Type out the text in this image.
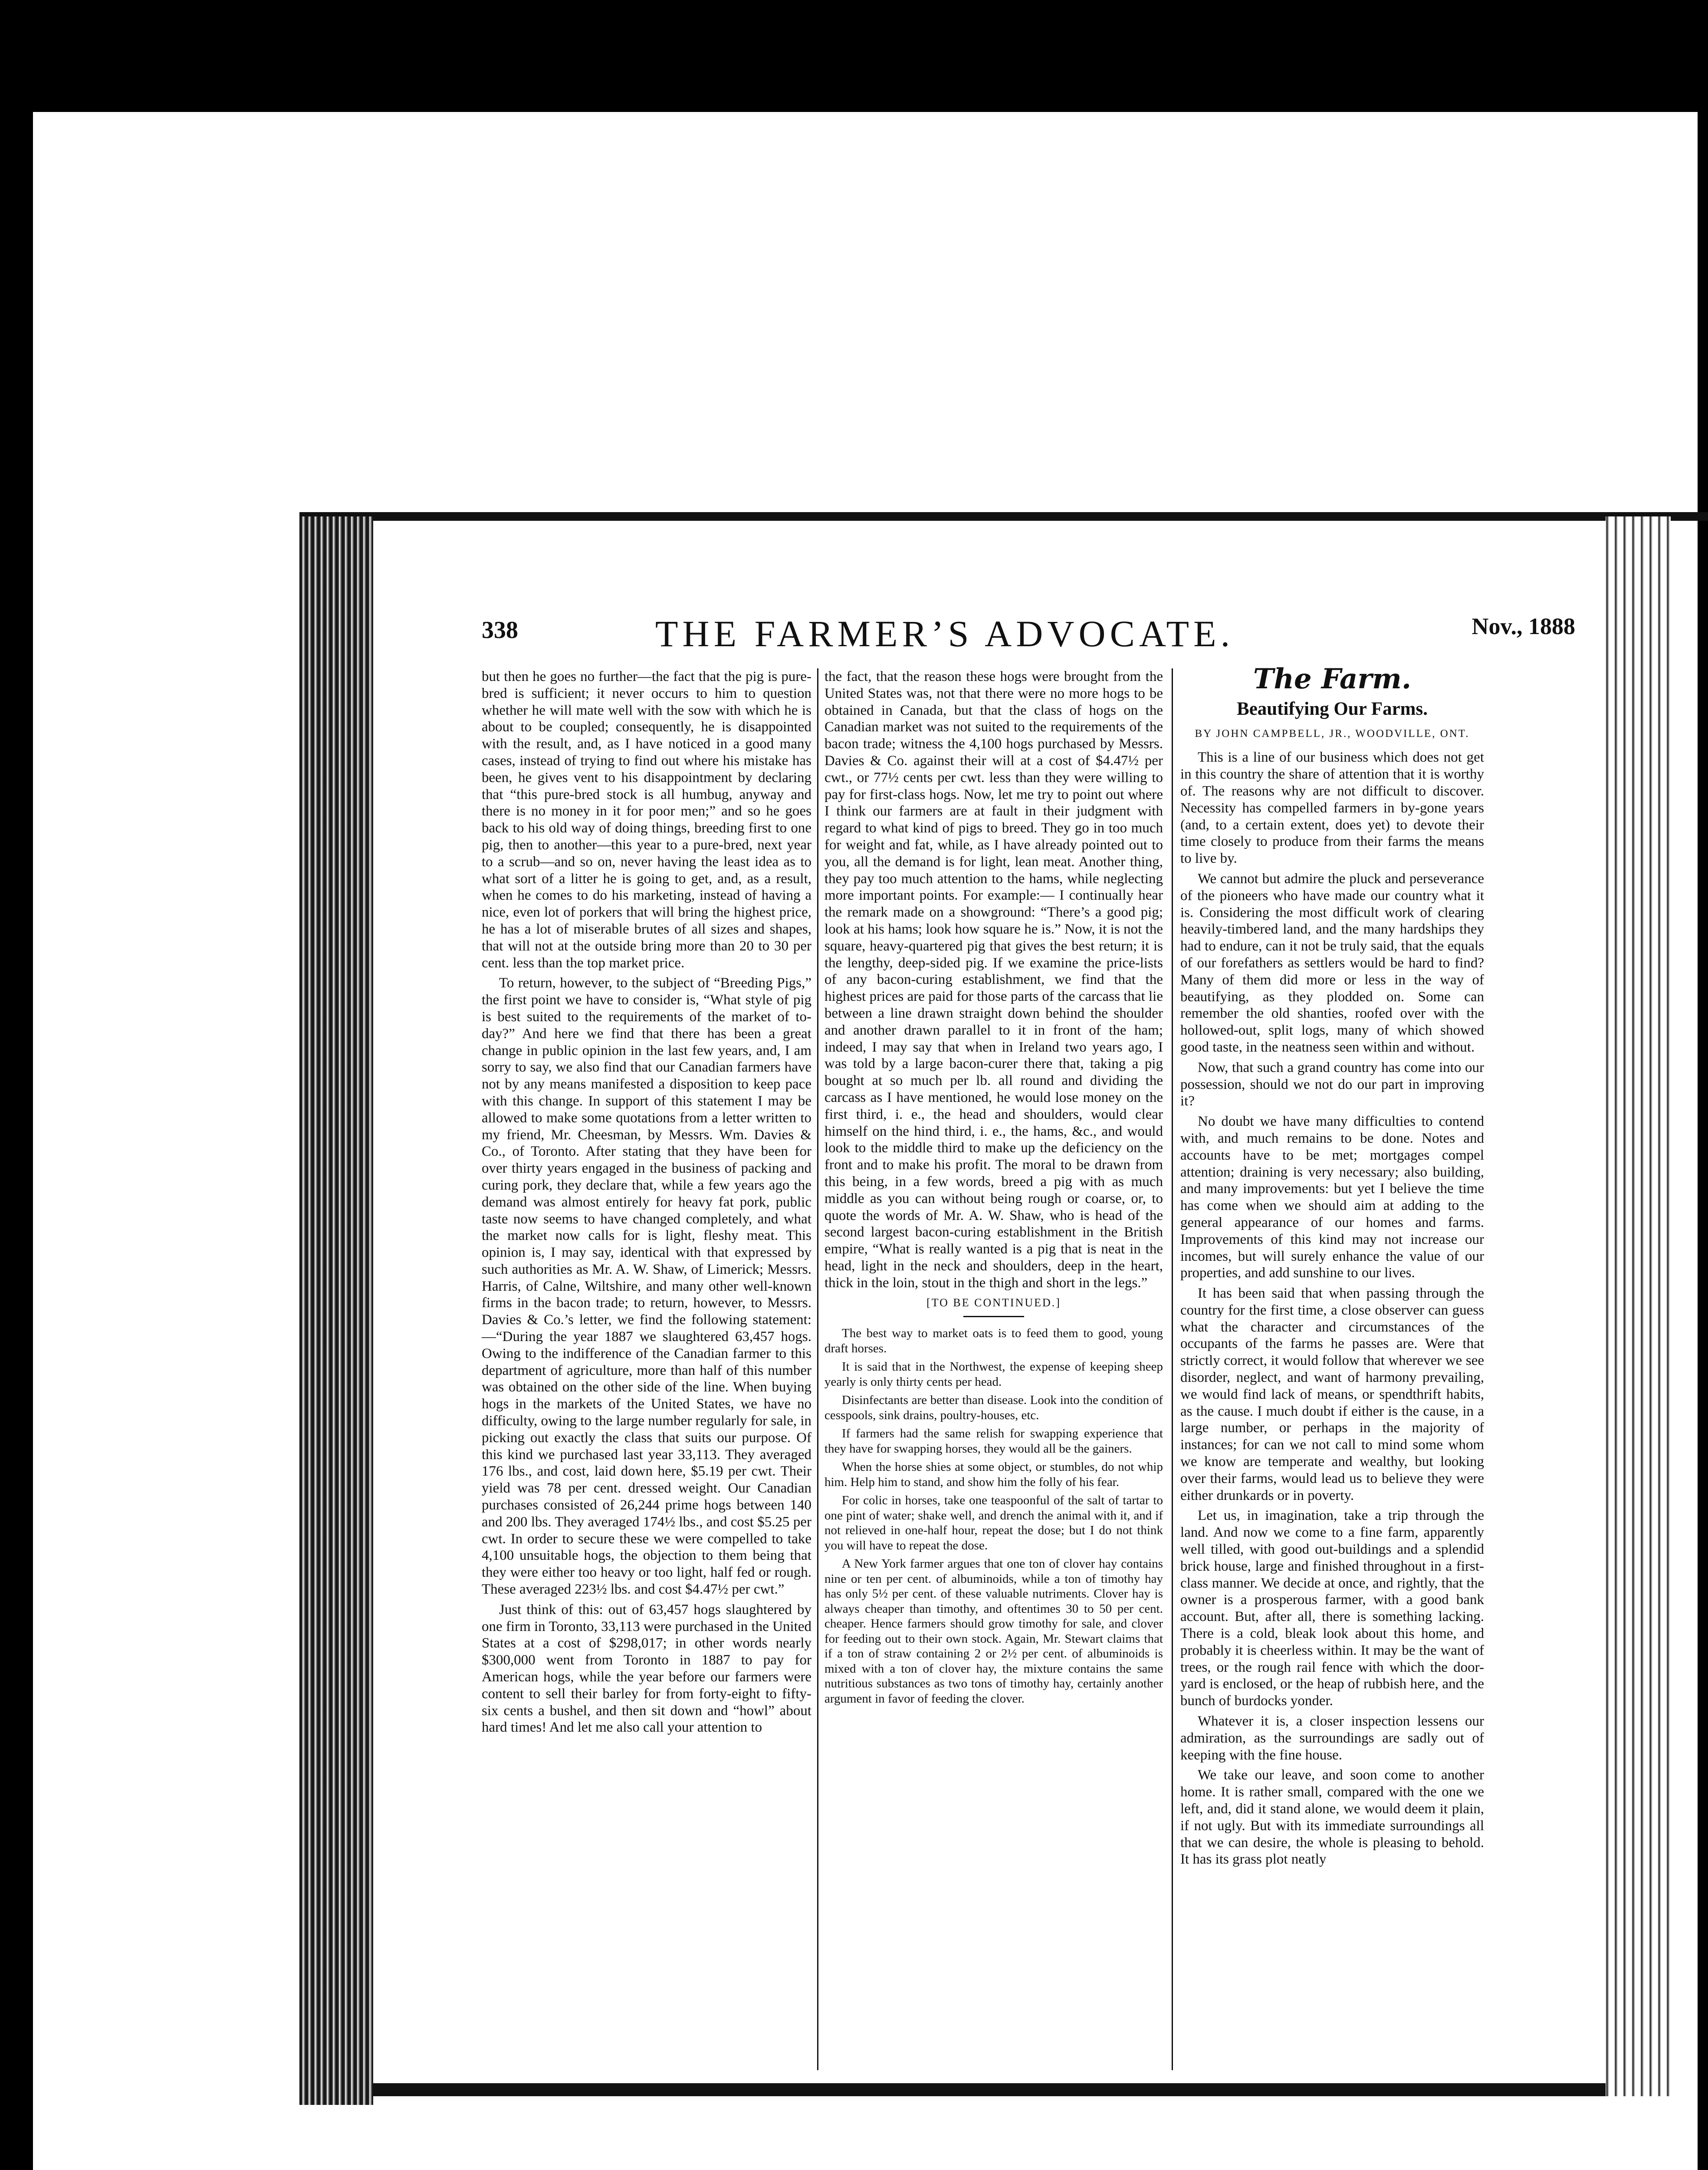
338	THE FARMER’S ADVOCATE.	Nov., 1888

but then he goes no further—the fact that the pig is pure-bred is sufficient; it never occurs to him to question whether he will mate well with the sow with which he is about to be coupled; consequently, he is disappointed with the result, and, as I have noticed in a good many cases, instead of trying to find out where his mistake has been, he gives vent to his disappointment by declaring that “this pure-bred stock is all humbug, anyway and there is no money in it for poor men;” and so he goes back to his old way of doing things, breeding first to one pig, then to another—this year to a pure-bred, next year to a scrub—and so on, never having the least idea as to what sort of a litter he is going to get, and, as a result, when he comes to do his marketing, instead of having a nice, even lot of porkers that will bring the highest price, he has a lot of miserable brutes of all sizes and shapes, that will not at the outside bring more than 20 to 30 per cent. less than the top market price.

To return, however, to the subject of “Breeding Pigs,” the first point we have to consider is, “What style of pig is best suited to the requirements of the market of to-day?” And here we find that there has been a great change in public opinion in the last few years, and, I am sorry to say, we also find that our Canadian farmers have not by any means manifested a disposition to keep pace with this change. In support of this statement I may be allowed to make some quotations from a letter written to my friend, Mr. Cheesman, by Messrs. Wm. Davies & Co., of Toronto. After stating that they have been for over thirty years engaged in the business of packing and curing pork, they declare that, while a few years ago the demand was almost entirely for heavy fat pork, public taste now seems to have changed completely, and what the market now calls for is light, fleshy meat. This opinion is, I may say, identical with that expressed by such authorities as Mr. A. W. Shaw, of Limerick; Messrs. Harris, of Calne, Wiltshire, and many other well-known firms in the bacon trade; to return, however, to Messrs. Davies & Co.’s letter, we find the following statement:—“During the year 1887 we slaughtered 63,457 hogs. Owing to the indifference of the Canadian farmer to this department of agriculture, more than half of this number was obtained on the other side of the line. When buying hogs in the markets of the United States, we have no difficulty, owing to the large number regularly for sale, in picking out exactly the class that suits our purpose. Of this kind we purchased last year 33,113. They averaged 176 lbs., and cost, laid down here, $5.19 per cwt. Their yield was 78 per cent. dressed weight. Our Canadian purchases consisted of 26,244 prime hogs between 140 and 200 lbs. They averaged 174½ lbs., and cost $5.25 per cwt. In order to secure these we were compelled to take 4,100 unsuitable hogs, the objection to them being that they were either too heavy or too light, half fed or rough. These averaged 223½ lbs. and cost $4.47½ per cwt.”

Just think of this: out of 63,457 hogs slaughtered by one firm in Toronto, 33,113 were purchased in the United States at a cost of $298,017; in other words nearly $300,000 went from Toronto in 1887 to pay for American hogs, while the year before our farmers were content to sell their barley for from forty-eight to fifty-six cents a bushel, and then sit down and “howl” about hard times! And let me also call your attention to

the fact, that the reason these hogs were brought from the United States was, not that there were no more hogs to be obtained in Canada, but that the class of hogs on the Canadian market was not suited to the requirements of the bacon trade; witness the 4,100 hogs purchased by Messrs. Davies & Co. against their will at a cost of $4.47½ per cwt., or 77½ cents per cwt. less than they were willing to pay for first-class hogs. Now, let me try to point out where I think our farmers are at fault in their judgment with regard to what kind of pigs to breed. They go in too much for weight and fat, while, as I have already pointed out to you, all the demand is for light, lean meat. Another thing, they pay too much attention to the hams, while neglecting more important points. For example:— I continually hear the remark made on a showground: “There’s a good pig; look at his hams; look how square he is.” Now, it is not the square, heavy-quartered pig that gives the best return; it is the lengthy, deep-sided pig. If we examine the price-lists of any bacon-curing establishment, we find that the highest prices are paid for those parts of the carcass that lie between a line drawn straight down behind the shoulder and another drawn parallel to it in front of the ham; indeed, I may say that when in Ireland two years ago, I was told by a large bacon-curer there that, taking a pig bought at so much per lb. all round and dividing the carcass as I have mentioned, he would lose money on the first third, i. e., the head and shoulders, would clear himself on the hind third, i. e., the hams, &c., and would look to the middle third to make up the deficiency on the front and to make his profit. The moral to be drawn from this being, in a few words, breed a pig with as much middle as you can without being rough or coarse, or, to quote the words of Mr. A. W. Shaw, who is head of the second largest bacon-curing establishment in the British empire, “What is really wanted is a pig that is neat in the head, light in the neck and shoulders, deep in the heart, thick in the loin, stout in the thigh and short in the legs.”

[TO BE CONTINUED.]

The best way to market oats is to feed them to good, young draft horses.

It is said that in the Northwest, the expense of keeping sheep yearly is only thirty cents per head.

Disinfectants are better than disease. Look into the condition of cesspools, sink drains, poultry-houses, etc.

If farmers had the same relish for swapping experience that they have for swapping horses, they would all be the gainers.

When the horse shies at some object, or stumbles, do not whip him. Help him to stand, and show him the folly of his fear.

For colic in horses, take one teaspoonful of the salt of tartar to one pint of water; shake well, and drench the animal with it, and if not relieved in one-half hour, repeat the dose; but I do not think you will have to repeat the dose.

A New York farmer argues that one ton of clover hay contains nine or ten per cent. of albuminoids, while a ton of timothy hay has only 5½ per cent. of these valuable nutriments. Clover hay is always cheaper than timothy, and oftentimes 30 to 50 per cent. cheaper. Hence farmers should grow timothy for sale, and clover for feeding out to their own stock. Again, Mr. Stewart claims that if a ton of straw containing 2 or 2½ per cent. of albuminoids is mixed with a ton of clover hay, the mixture contains the same nutritious substances as two tons of timothy hay, certainly another argument in favor of feeding the clover.

The Farm.
Beautifying Our Farms.
BY JOHN CAMPBELL, JR., WOODVILLE, ONT.

This is a line of our business which does not get in this country the share of attention that it is worthy of. The reasons why are not difficult to discover. Necessity has compelled farmers in by-gone years (and, to a certain extent, does yet) to devote their time closely to produce from their farms the means to live by.

We cannot but admire the pluck and perseverance of the pioneers who have made our country what it is. Considering the most difficult work of clearing heavily-timbered land, and the many hardships they had to endure, can it not be truly said, that the equals of our forefathers as settlers would be hard to find? Many of them did more or less in the way of beautifying, as they plodded on. Some can remember the old shanties, roofed over with the hollowed-out, split logs, many of which showed good taste, in the neatness seen within and without.

Now, that such a grand country has come into our possession, should we not do our part in improving it?

No doubt we have many difficulties to contend with, and much remains to be done. Notes and accounts have to be met; mortgages compel attention; draining is very necessary; also building, and many improvements: but yet I believe the time has come when we should aim at adding to the general appearance of our homes and farms. Improvements of this kind may not increase our incomes, but will surely enhance the value of our properties, and add sunshine to our lives.

It has been said that when passing through the country for the first time, a close observer can guess what the character and circumstances of the occupants of the farms he passes are. Were that strictly correct, it would follow that wherever we see disorder, neglect, and want of harmony prevailing, we would find lack of means, or spendthrift habits, as the cause. I much doubt if either is the cause, in a large number, or perhaps in the majority of instances; for can we not call to mind some whom we know are temperate and wealthy, but looking over their farms, would lead us to believe they were either drunkards or in poverty.

Let us, in imagination, take a trip through the land. And now we come to a fine farm, apparently well tilled, with good out-buildings and a splendid brick house, large and finished throughout in a first-class manner. We decide at once, and rightly, that the owner is a prosperous farmer, with a good bank account. But, after all, there is something lacking. There is a cold, bleak look about this home, and probably it is cheerless within. It may be the want of trees, or the rough rail fence with which the door-yard is enclosed, or the heap of rubbish here, and the bunch of burdocks yonder.

Whatever it is, a closer inspection lessens our admiration, as the surroundings are sadly out of keeping with the fine house.

We take our leave, and soon come to another home. It is rather small, compared with the one we left, and, did it stand alone, we would deem it plain, if not ugly. But with its immediate surroundings all that we can desire, the whole is pleasing to behold. It has its grass plot neatly
